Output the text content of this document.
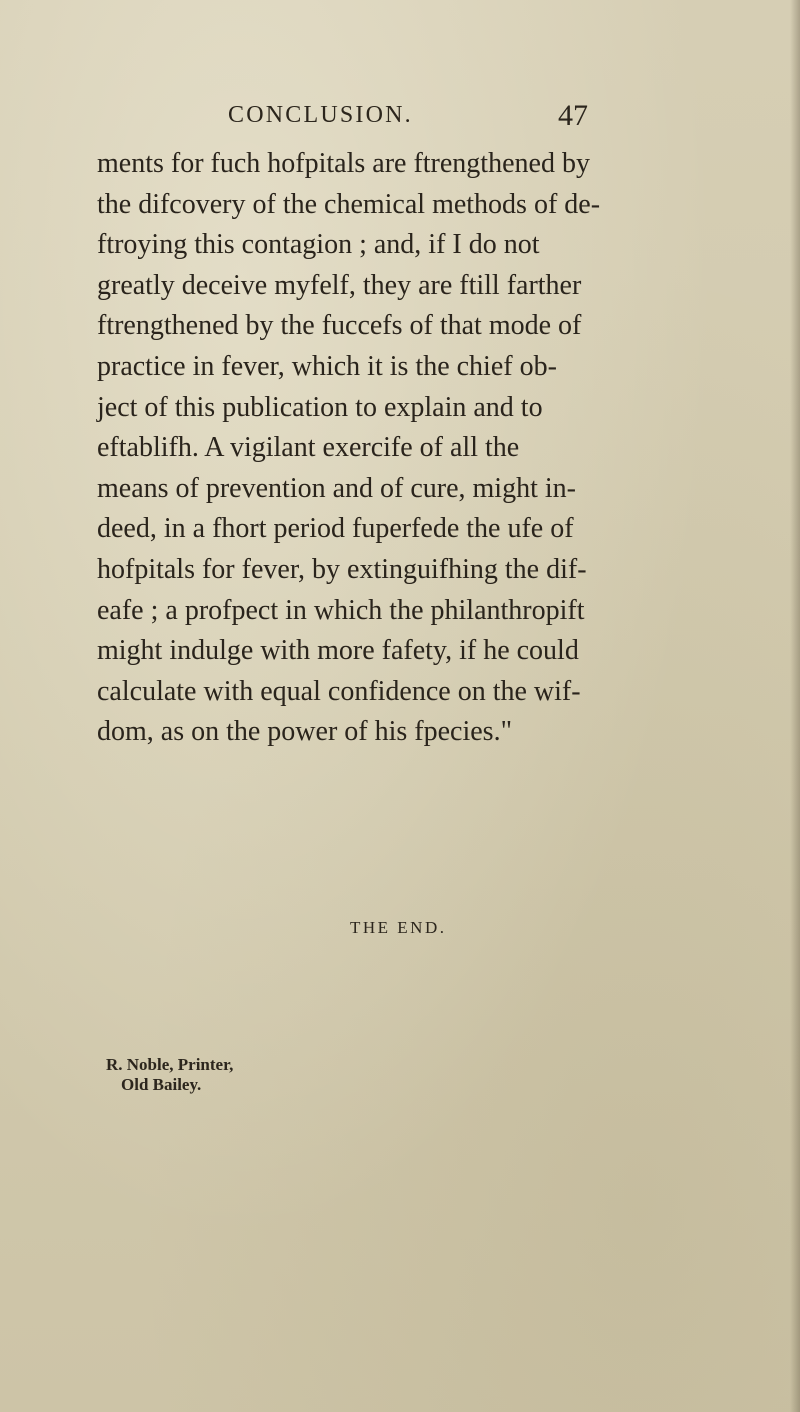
CONCLUSION.	47
ments for fuch hofpitals are ftrengthened by
the difcovery of the chemical methods of de-
ftroying this contagion ; and, if I do not
greatly deceive myfelf, they are ftill farther
ftrengthened by the fuccefs of that mode of
practice in fever, which it is the chief ob-
ject of this publication to explain and to
eftablifh. A vigilant exercife of all the
means of prevention and of cure, might in-
deed, in a fhort period fuperfede the ufe of
hofpitals for fever, by extinguifhing the dif-
eafe ; a profpect in which the philanthropift
might indulge with more fafety, if he could
calculate with equal confidence on the wif-
dom, as on the power of his fpecies."
THE END.
R. Noble, Printer,
Old Bailey.
